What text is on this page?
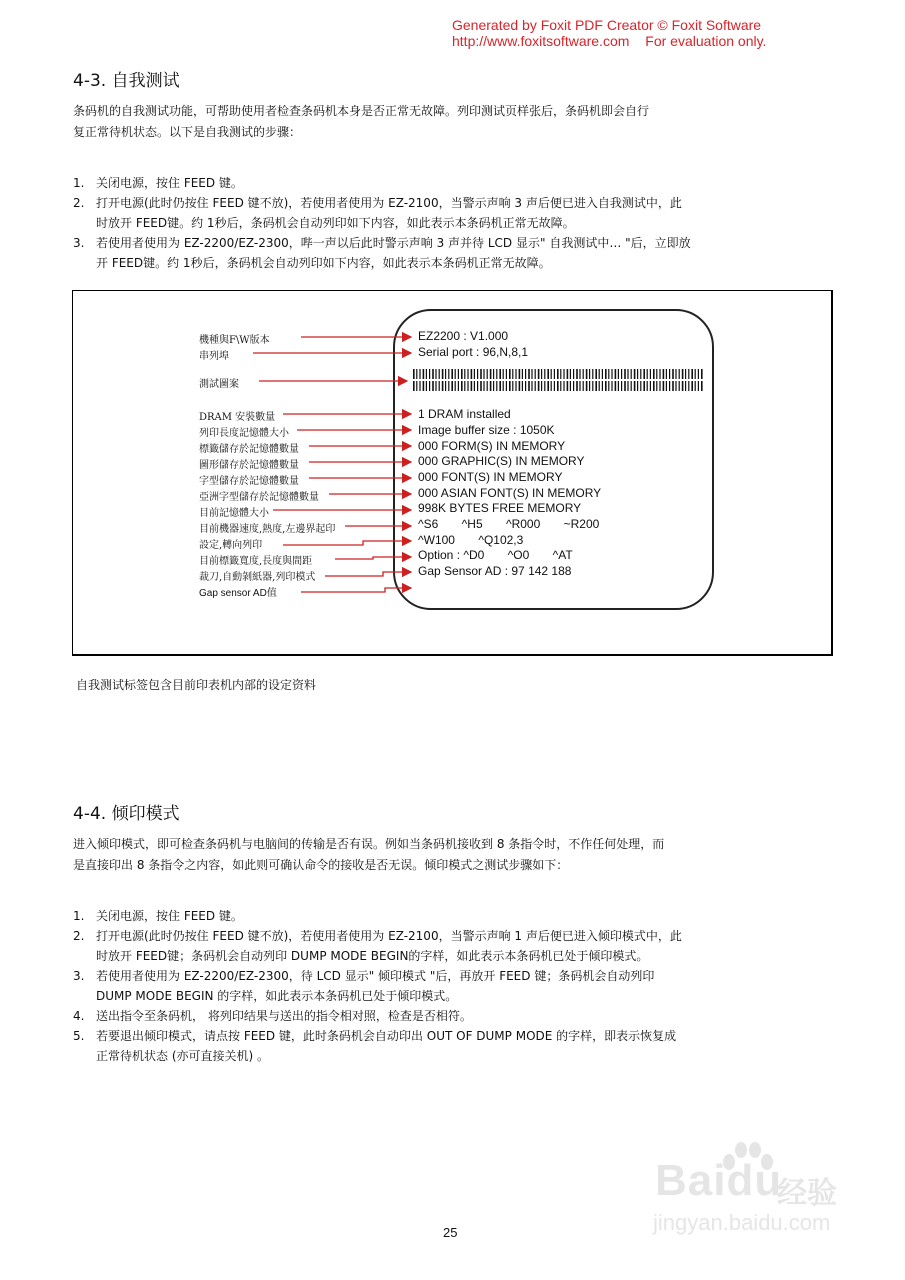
Generated by Foxit PDF Creator © Foxit Software
http://www.foxitsoftware.com For evaluation only.
4-3. 自我测试

条码机的自我测试功能，可帮助使用者检查条码机本身是否正常无故障。列印测试页样张后，条码机即会自行
复正常待机状态。以下是自我测试的步骤：

1. 关闭电源，按住 FEED 键。
2. 打开电源(此时仍按住 FEED 键不放)，若使用者使用为 EZ-2100，当警示声响 3 声后便已进入自我测试中，此
时放开 FEED键。约 1秒后，条码机会自动列印如下内容，如此表示本条码机正常无故障。
3. 若使用者使用为 EZ-2200/EZ-2300，哔一声以后此时警示声响 3 声并待 LCD 显示" 自我测试中… "后，立即放
开 FEED键。约 1秒后，条码机会自动列印如下内容，如此表示本条码机正常无故障。
機種與F\W版本
串列埠
測試圖案
DRAM 安裝數量
列印長度記憶體大小
標籤儲存於記憶體數量
圖形儲存於記憶體數量
字型儲存於記憶體數量
亞洲字型儲存於記憶體數量
目前記憶體大小
目前機器速度,熱度,左邊界起印
設定,轉向列印
目前標籤寬度,長度與間距
裁刀,自動剝紙器,列印模式
Gap sensor AD值
EZ2200 : V1.000
Serial port : 96,N,8,1
1 DRAM installed
Image buffer size : 1050K
000 FORM(S) IN MEMORY
000 GRAPHIC(S) IN MEMORY
000 FONT(S) IN MEMORY
000 ASIAN FONT(S) IN MEMORY
998K BYTES FREE MEMORY
^S6       ^H5       ^R000       ~R200
^W100       ^Q102,3
Option : ^D0       ^O0       ^AT
Gap Sensor AD : 97 142 188

自我测试标签包含目前印表机内部的设定资料

4-4. 倾印模式

进入倾印模式，即可检查条码机与电脑间的传输是否有误。例如当条码机接收到 8 条指令时，不作任何处理，而
是直接印出 8 条指令之内容，如此则可确认命令的接收是否无误。倾印模式之测试步骤如下：

1. 关闭电源，按住 FEED 键。
2. 打开电源(此时仍按住 FEED 键不放)，若使用者使用为 EZ-2100，当警示声响 1 声后便已进入倾印模式中，此
时放开 FEED键；条码机会自动列印 DUMP MODE BEGIN的字样，如此表示本条码机已处于倾印模式。
3. 若使用者使用为 EZ-2200/EZ-2300，待 LCD 显示" 倾印模式 "后，再放开 FEED 键；条码机会自动列印
DUMP MODE BEGIN 的字样，如此表示本条码机已处于倾印模式。
4. 送出指令至条码机， 将列印结果与送出的指令相对照，检查是否相符。
5. 若要退出倾印模式，请点按 FEED 键，此时条码机会自动印出 OUT OF DUMP MODE 的字样，即表示恢复成
正常待机状态 (亦可直接关机) 。
Baidu
经验
jingyan.baidu.com
25
